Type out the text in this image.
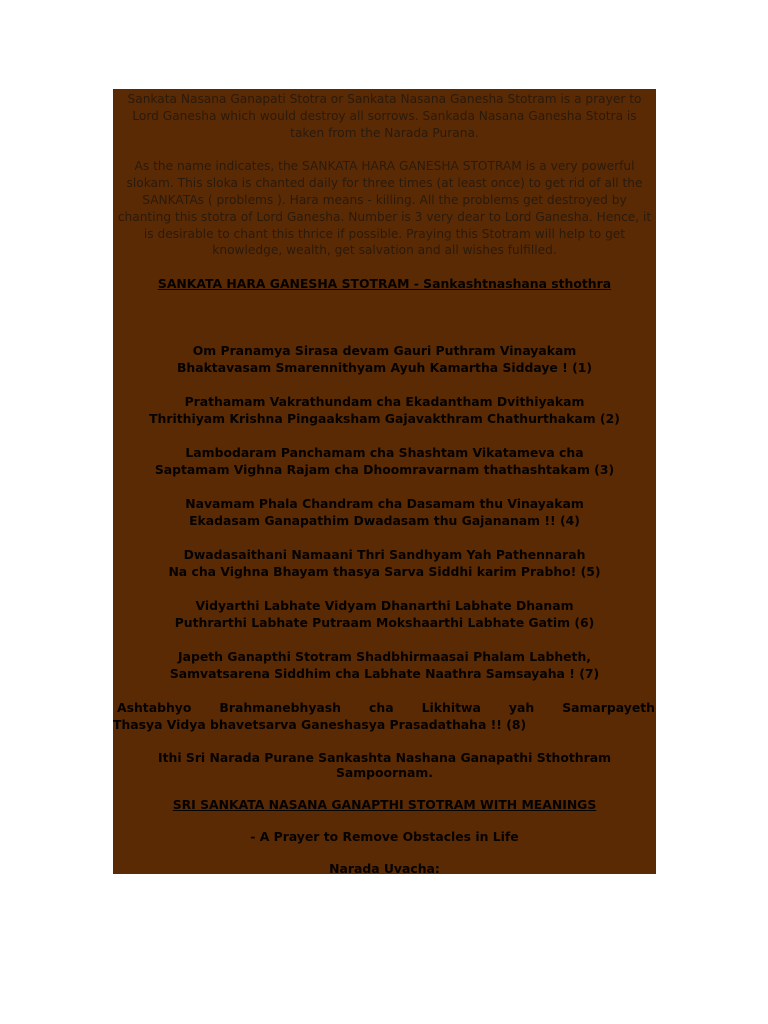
Sankata Nasana Ganapati Stotra or Sankata Nasana Ganesha Stotram is a prayer to Lord Ganesha which would destroy all sorrows. Sankada Nasana Ganesha Stotra is taken from the Narada Purana.

As the name indicates, the SANKATA HARA GANESHA STOTRAM is a very powerful slokam. This sloka is chanted daily for three times (at least once) to get rid of all the SANKATAs ( problems ). Hara means - killing. All the problems get destroyed by chanting this stotra of Lord Ganesha. Number is 3 very dear to Lord Ganesha. Hence, it is desirable to chant this thrice if possible. Praying this Stotram will help to get knowledge, wealth, get salvation and all wishes fulfilled.

SANKATA HARA GANESHA STOTRAM - Sankashtnashana sthothra

Om Pranamya Sirasa devam Gauri Puthram Vinayakam
Bhaktavasam Smarennithyam Ayuh Kamartha Siddaye ! (1)
Prathamam Vakrathundam cha Ekadantham Dvithiyakam
Thrithiyam Krishna Pingaaksham Gajavakthram Chathurthakam (2)
Lambodaram Panchamam cha Shashtam Vikatameva cha
Saptamam Vighna Rajam cha Dhoomravarnam thathashtakam (3)
Navamam Phala Chandram cha Dasamam thu Vinayakam
Ekadasam Ganapathim Dwadasam thu Gajananam !! (4)
Dwadasaithani Namaani Thri Sandhyam Yah Pathennarah
Na cha Vighna Bhayam thasya Sarva Siddhi karim Prabho! (5)
Vidyarthi Labhate Vidyam Dhanarthi Labhate Dhanam
Puthrarthi Labhate Putraam Mokshaarthi Labhate Gatim (6)
Japeth Ganapthi Stotram Shadbhirmaasai Phalam Labheth,
Samvatsarena Siddhim cha Labhate Naathra Samsayaha ! (7)
Ashtabhyo Brahmanebhyash cha Likhitwa yah Samarpayeth
Thasya Vidya bhavetsarva Ganeshasya Prasadathaha !! (8)

Ithi Sri Narada Purane Sankashta Nashana Ganapathi Sthothram Sampoornam.

SRI SANKATA NASANA GANAPTHI STOTRAM WITH MEANINGS

- A Prayer to Remove Obstacles in Life

Narada Uvacha:
